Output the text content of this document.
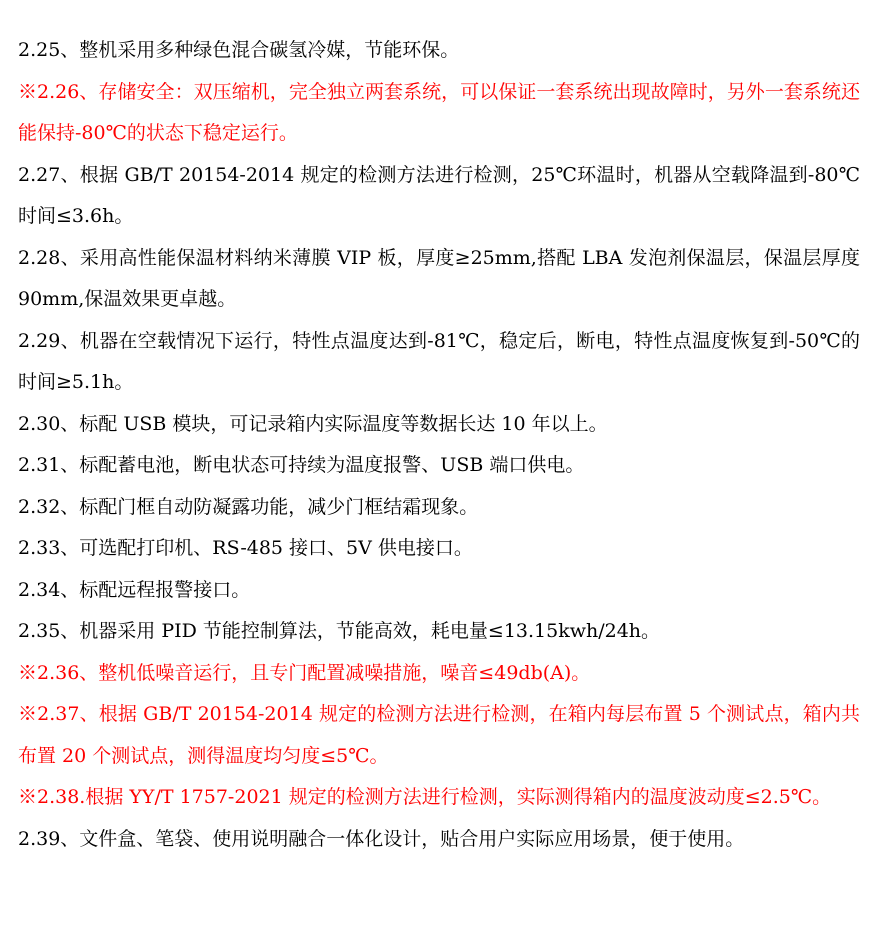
2.25、整机采用多种绿色混合碳氢冷媒，节能环保。

※2.26、存储安全：双压缩机，完全独立两套系统，可以保证一套系统出现故障时，另外一套系统还能保持-80℃的状态下稳定运行。

2.27、根据 GB/T 20154-2014 规定的检测方法进行检测，25℃环温时，机器从空载降温到-80℃时间≤3.6h。

2.28、采用高性能保温材料纳米薄膜 VIP 板，厚度≥25mm,搭配 LBA 发泡剂保温层，保温层厚度 90mm,保温效果更卓越。

2.29、机器在空载情况下运行，特性点温度达到-81℃，稳定后，断电，特性点温度恢复到-50℃的时间≥5.1h。

2.30、标配 USB 模块，可记录箱内实际温度等数据长达 10 年以上。

2.31、标配蓄电池，断电状态可持续为温度报警、USB 端口供电。

2.32、标配门框自动防凝露功能，减少门框结霜现象。

2.33、可选配打印机、RS-485 接口、5V 供电接口。

2.34、标配远程报警接口。

2.35、机器采用 PID 节能控制算法，节能高效，耗电量≤13.15kwh/24h。

※2.36、整机低噪音运行，且专门配置减噪措施，噪音≤49db(A)。

※2.37、根据 GB/T 20154-2014 规定的检测方法进行检测，在箱内每层布置 5 个测试点，箱内共布置 20 个测试点，测得温度均匀度≤5℃。

※2.38.根据 YY/T 1757-2021 规定的检测方法进行检测，实际测得箱内的温度波动度≤2.5℃。

2.39、文件盒、笔袋、使用说明融合一体化设计，贴合用户实际应用场景，便于使用。
